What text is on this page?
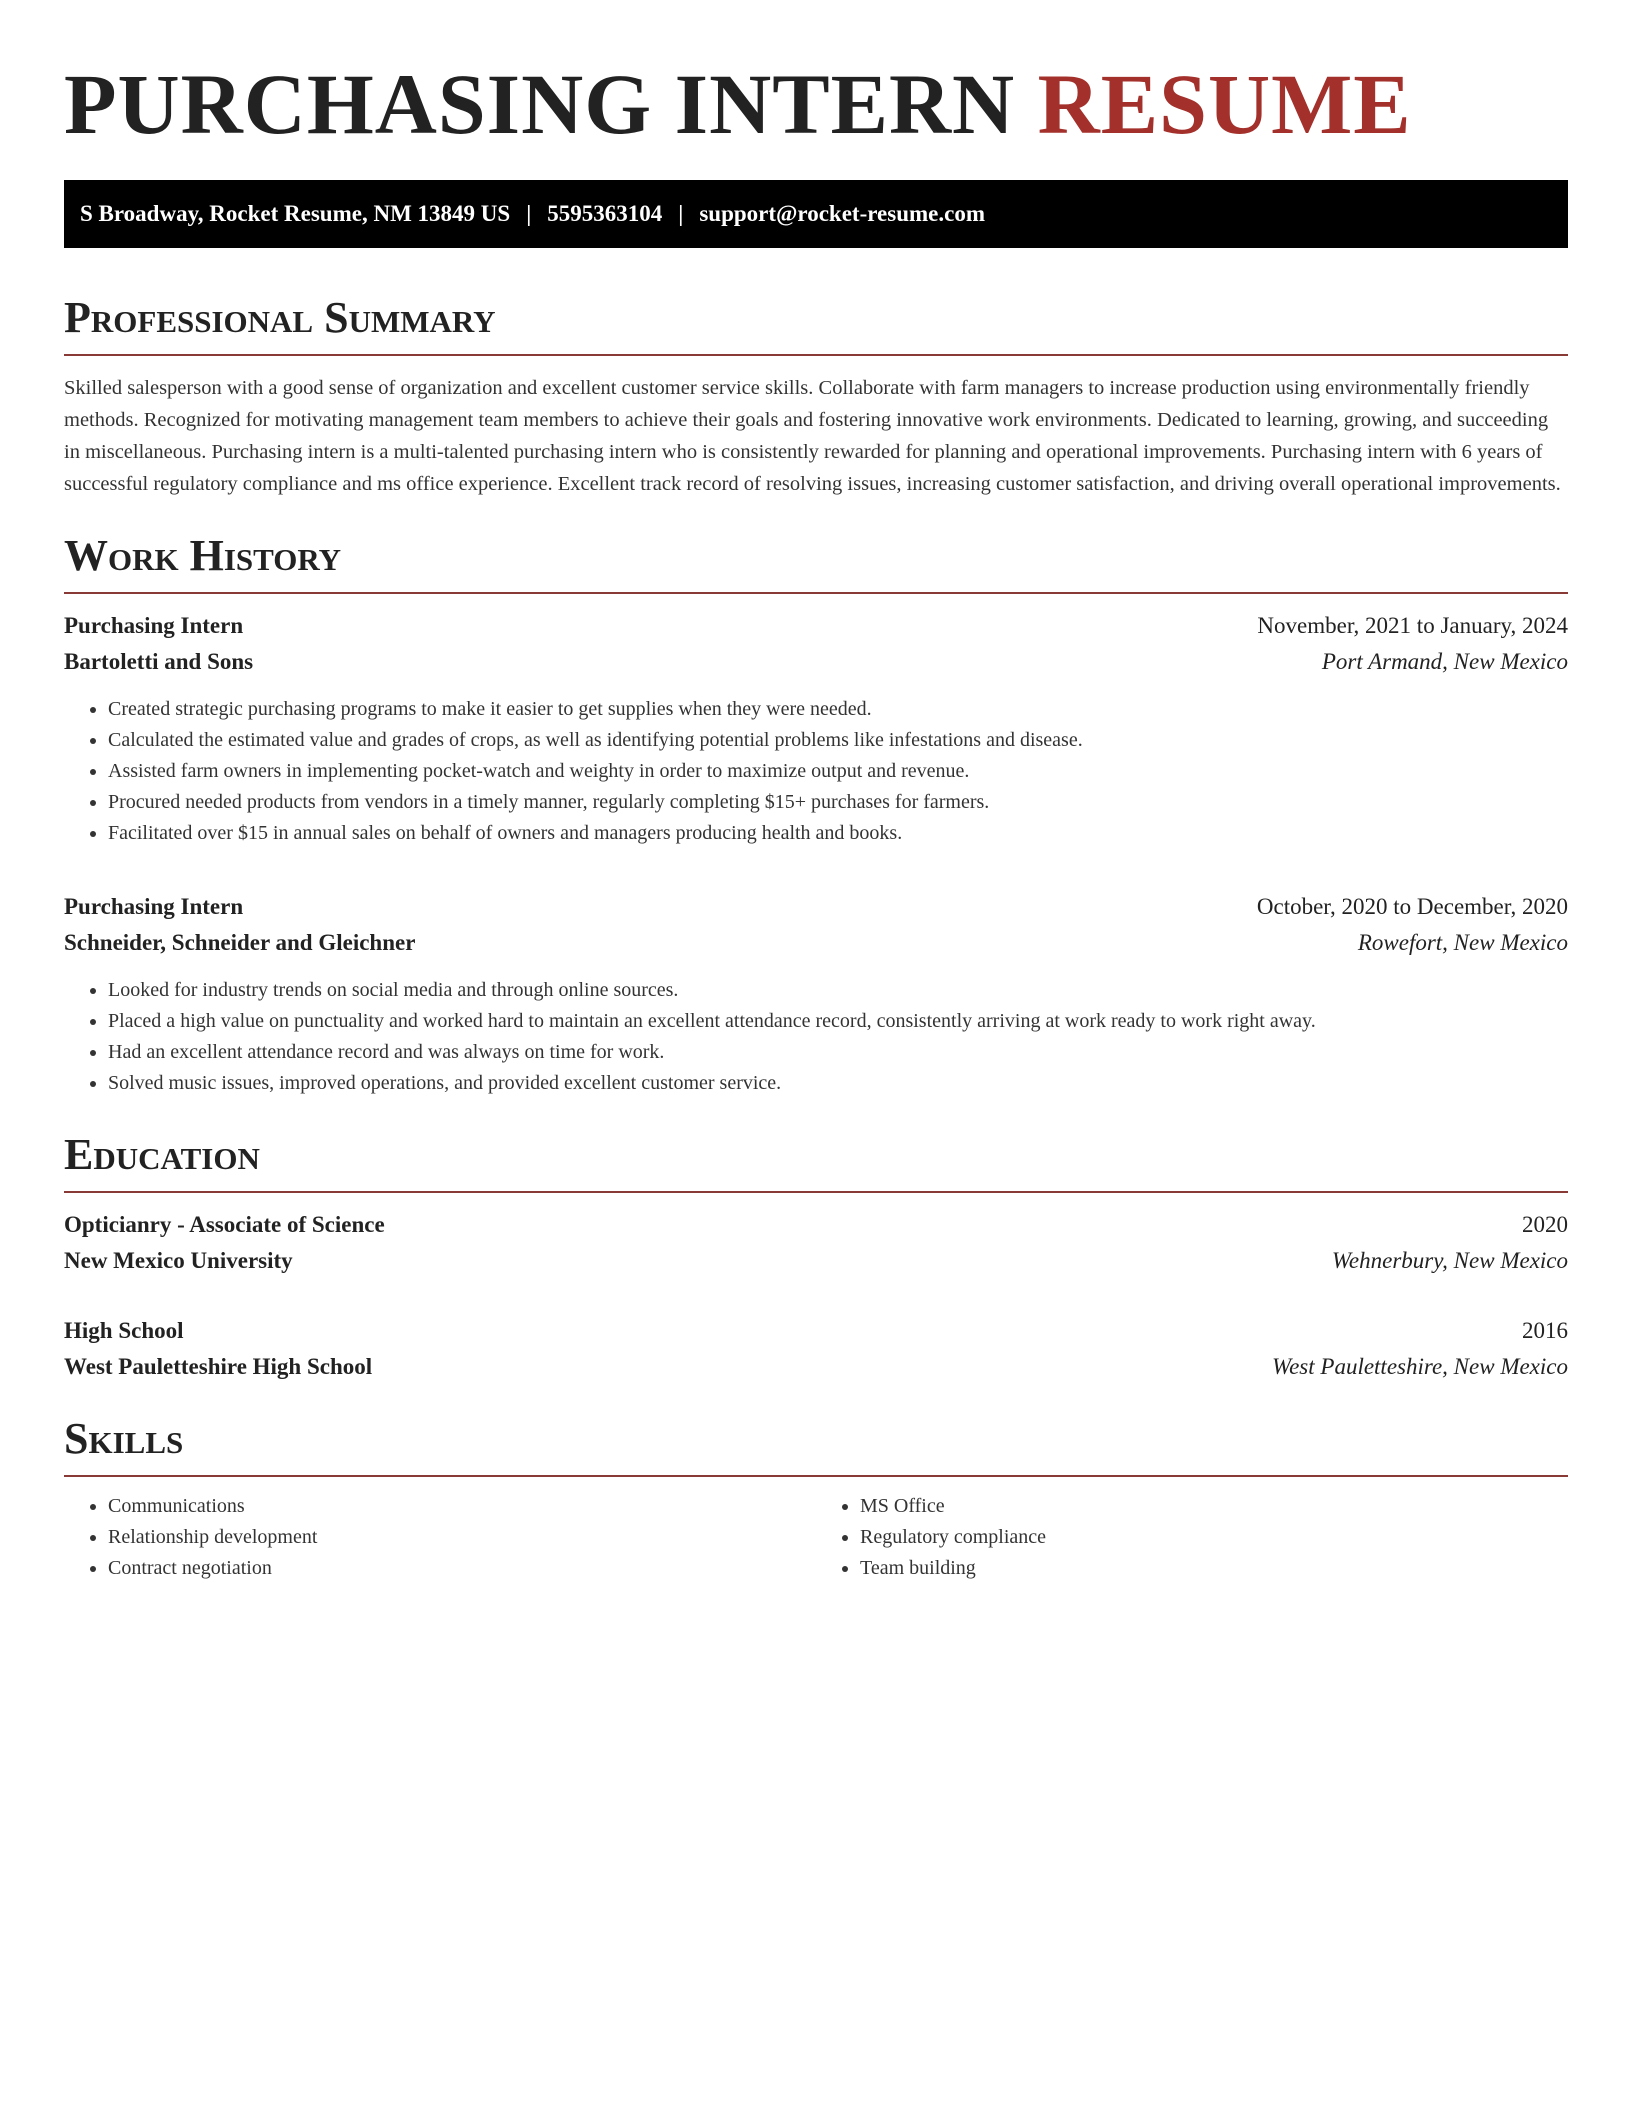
PURCHASING INTERN RESUME
S Broadway, Rocket Resume, NM 13849 US | 5595363104 | support@rocket-resume.com
Professional Summary

Skilled salesperson with a good sense of organization and excellent customer service skills. Collaborate with farm managers to increase production using environmentally friendly methods. Recognized for motivating management team members to achieve their goals and fostering innovative work environments. Dedicated to learning, growing, and succeeding in miscellaneous. Purchasing intern is a multi-talented purchasing intern who is consistently rewarded for planning and operational improvements. Purchasing intern with 6 years of successful regulatory compliance and ms office experience. Excellent track record of resolving issues, increasing customer satisfaction, and driving overall operational improvements.

Work History
Purchasing Intern	November, 2021 to January, 2024
Bartoletti and Sons	Port Armand, New Mexico
• Created strategic purchasing programs to make it easier to get supplies when they were needed.
• Calculated the estimated value and grades of crops, as well as identifying potential problems like infestations and disease.
• Assisted farm owners in implementing pocket-watch and weighty in order to maximize output and revenue.
• Procured needed products from vendors in a timely manner, regularly completing $15+ purchases for farmers.
• Facilitated over $15 in annual sales on behalf of owners and managers producing health and books.
Purchasing Intern	October, 2020 to December, 2020
Schneider, Schneider and Gleichner	Rowefort, New Mexico
• Looked for industry trends on social media and through online sources.
• Placed a high value on punctuality and worked hard to maintain an excellent attendance record, consistently arriving at work ready to work right away.
• Had an excellent attendance record and was always on time for work.
• Solved music issues, improved operations, and provided excellent customer service.
Education
Opticianry - Associate of Science	2020
New Mexico University	Wehnerbury, New Mexico
High School	2016
West Pauletteshire High School	West Pauletteshire, New Mexico
Skills
• Communications
• Relationship development
• Contract negotiation
• MS Office
• Regulatory compliance
• Team building
